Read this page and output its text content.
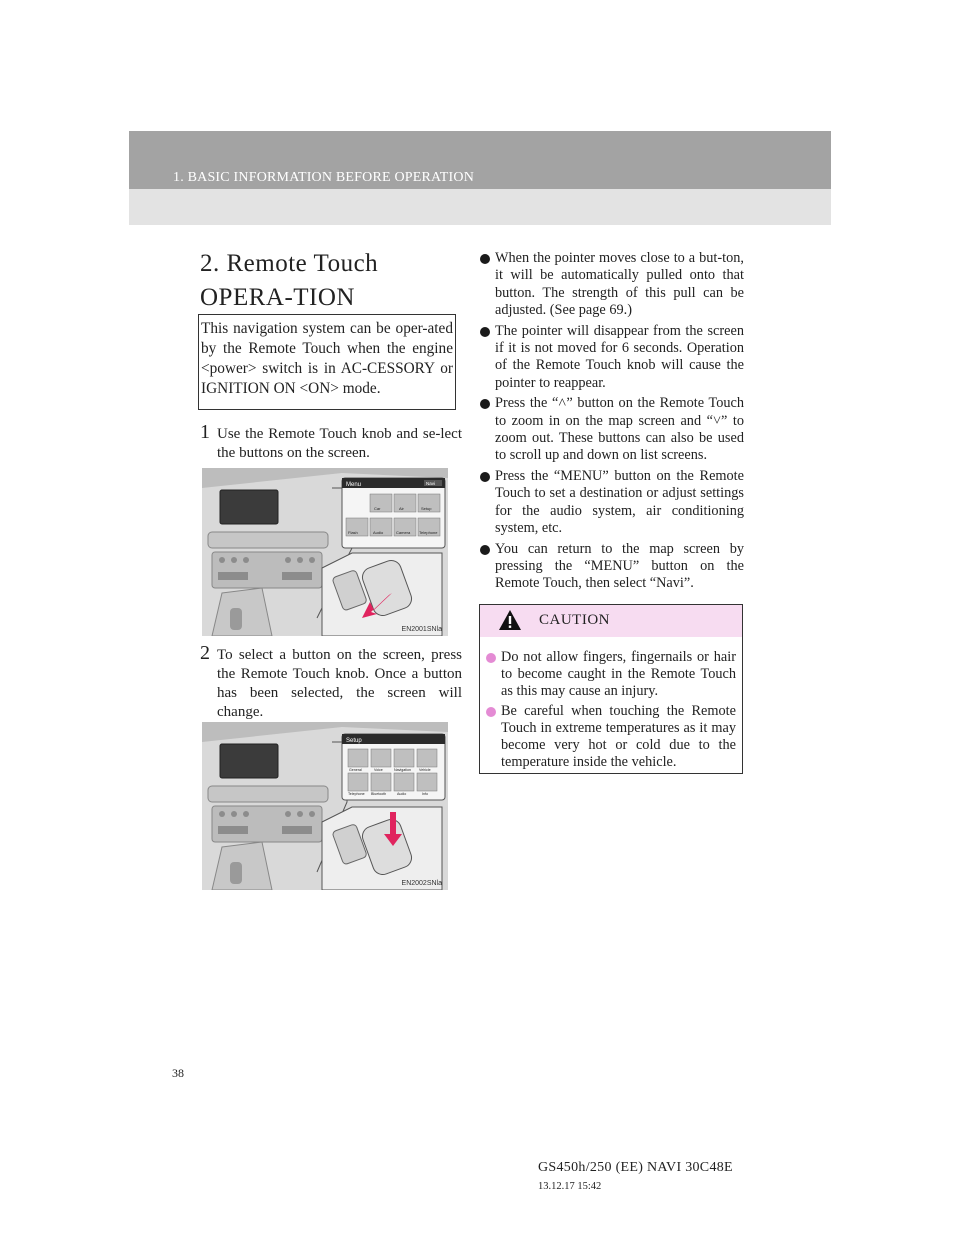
1. BASIC INFORMATION BEFORE OPERATION
2. Remote Touch OPERA-TION
This navigation system can be oper-ated by the Remote Touch when the engine <power> switch is in AC-CESSORY or IGNITION ON <ON> mode.
1 Use the Remote Touch knob and se-lect the buttons on the screen.
Menu	Navi
Car	Air	Setup
Flash	Audio	Camera Telephone
EN2001SNla
2 To select a button on the screen, press the Remote Touch knob. Once a button has been selected, the screen will change.
Setup
General	Voice	Navigation Vehicle
Telephone Bluetooth	Audio	Info
EN2002SNla
When the pointer moves close to a but-ton, it will be automatically pulled onto that button. The strength of this pull can be adjusted. (See page 69.)
The pointer will disappear from the screen if it is not moved for 6 seconds. Operation of the Remote Touch knob will cause the pointer to reappear.
Press the “˄” button on the Remote Touch to zoom in on the map screen and “˅” to zoom out. These buttons can also be used to scroll up and down on list screens.
Press the “MENU” button on the Remote Touch to set a destination or adjust settings for the audio system, air conditioning system, etc.
You can return to the map screen by pressing the “MENU” button on the Remote Touch, then select “Navi”.
CAUTION
Do not allow fingers, fingernails or hair to become caught in the Remote Touch as this may cause an injury.
Be careful when touching the Remote Touch in extreme temperatures as it may become very hot or cold due to the temperature inside the vehicle.
38
GS450h/250 (EE) NAVI 30C48E
13.12.17 15:42
